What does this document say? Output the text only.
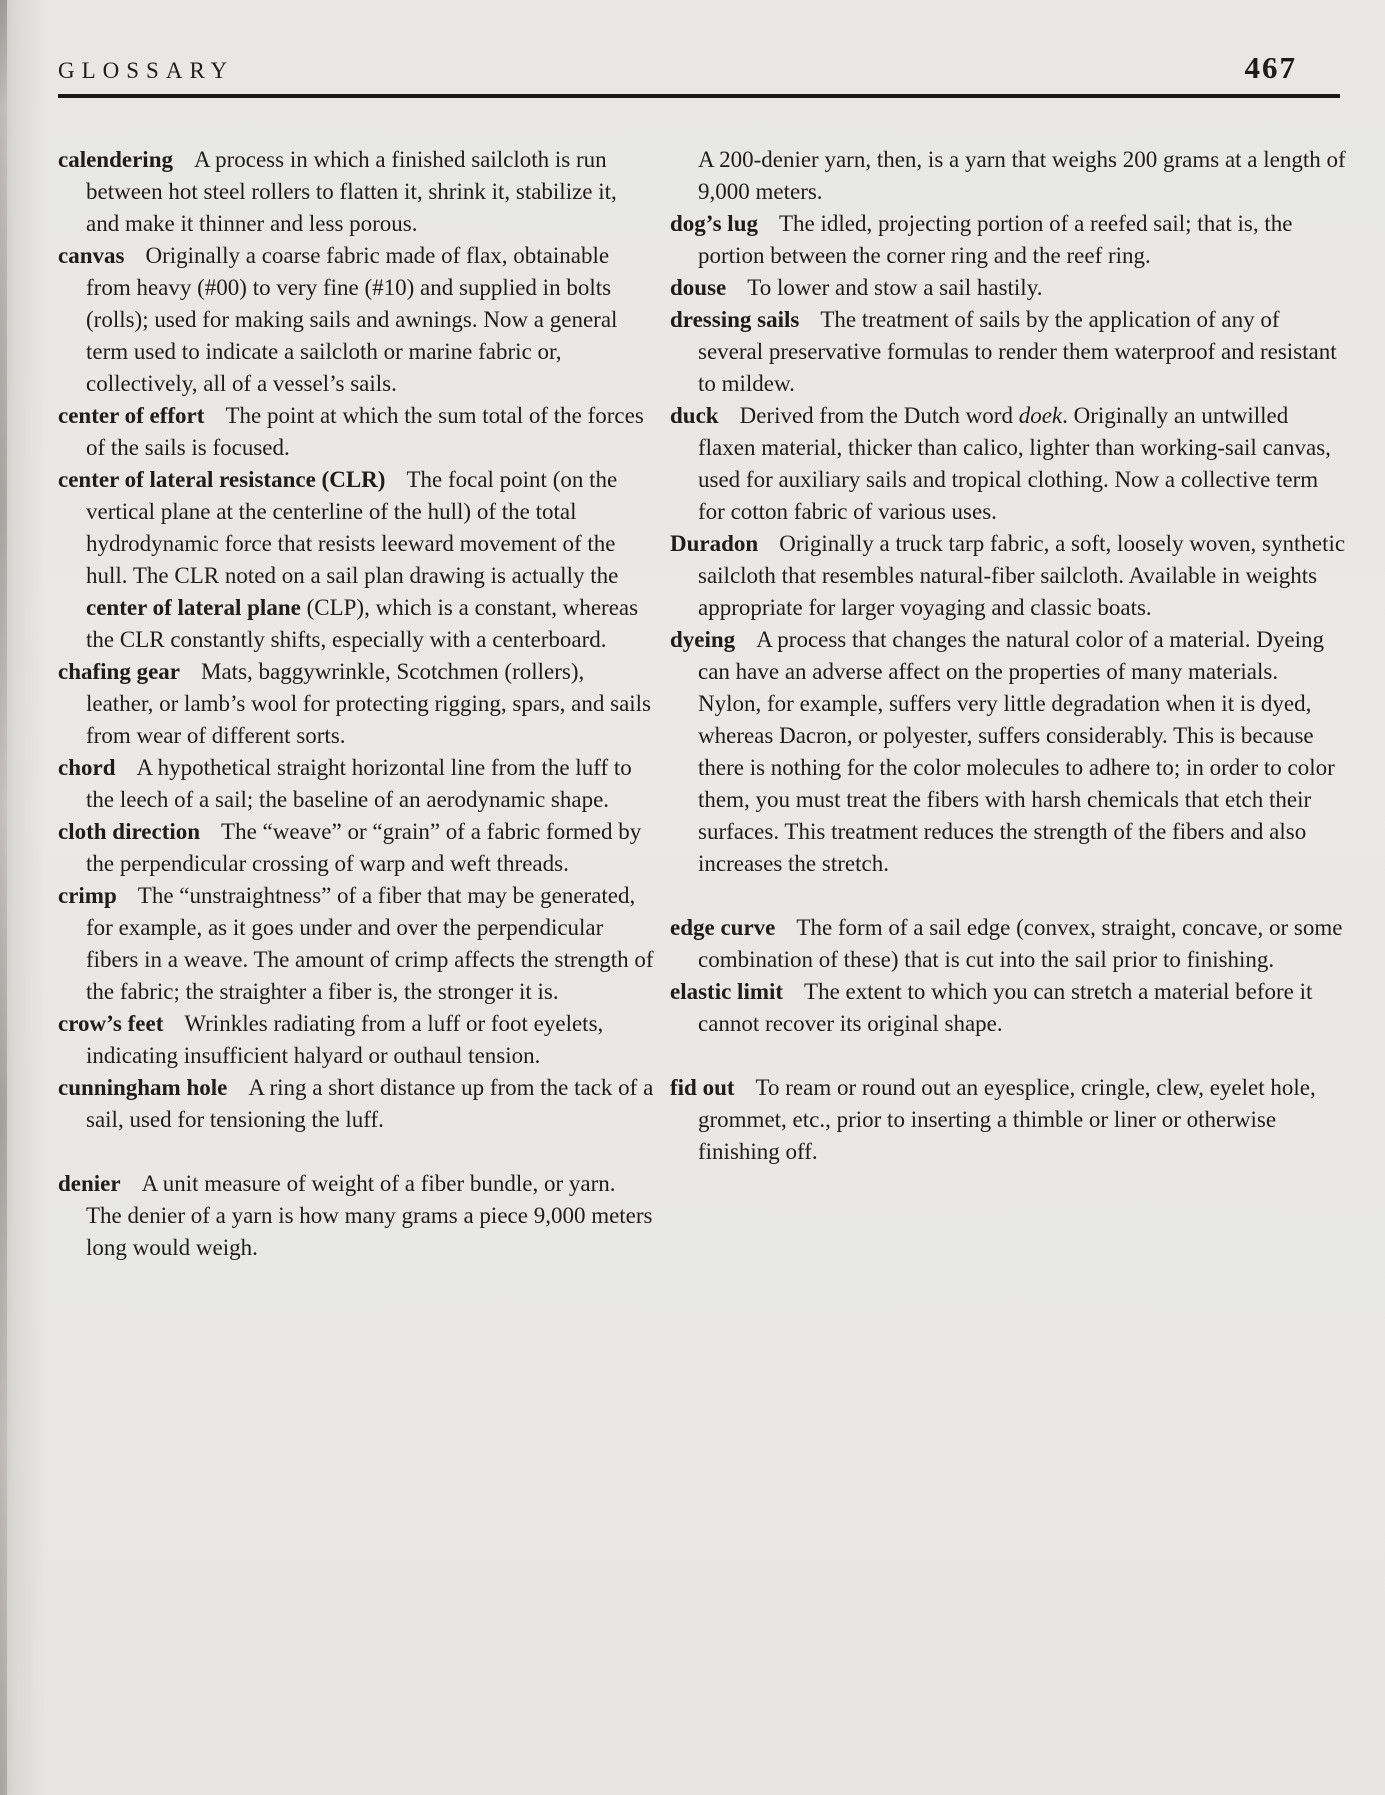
GLOSSARY	467

calendering A process in which a finished sailcloth is run between hot steel rollers to flatten it, shrink it, stabilize it, and make it thinner and less porous.

canvas Originally a coarse fabric made of flax, obtainable from heavy (#00) to very fine (#10) and supplied in bolts (rolls); used for making sails and awnings. Now a general term used to indicate a sailcloth or marine fabric or, collectively, all of a vessel’s sails.

center of effort The point at which the sum total of the forces of the sails is focused.

center of lateral resistance (CLR) The focal point (on the vertical plane at the centerline of the hull) of the total hydrodynamic force that resists leeward movement of the hull. The CLR noted on a sail plan drawing is actually the center of lateral plane (CLP), which is a constant, whereas the CLR constantly shifts, especially with a centerboard.

chafing gear Mats, baggywrinkle, Scotchmen (rollers), leather, or lamb’s wool for protecting rigging, spars, and sails from wear of different sorts.

chord A hypothetical straight horizontal line from the luff to the leech of a sail; the baseline of an aerodynamic shape.

cloth direction The “weave” or “grain” of a fabric formed by the perpendicular crossing of warp and weft threads.

crimp The “unstraightness” of a fiber that may be generated, for example, as it goes under and over the perpendicular fibers in a weave. The amount of crimp affects the strength of the fabric; the straighter a fiber is, the stronger it is.

crow’s feet Wrinkles radiating from a luff or foot eyelets, indicating insufficient halyard or outhaul tension.

cunningham hole A ring a short distance up from the tack of a sail, used for tensioning the luff.

denier A unit measure of weight of a fiber bundle, or yarn. The denier of a yarn is how many grams a piece 9,000 meters long would weigh.

A 200-denier yarn, then, is a yarn that weighs 200 grams at a length of 9,000 meters.

dog’s lug The idled, projecting portion of a reefed sail; that is, the portion between the corner ring and the reef ring.

douse To lower and stow a sail hastily.

dressing sails The treatment of sails by the application of any of several preservative formulas to render them waterproof and resistant to mildew.

duck Derived from the Dutch word doek. Originally an untwilled flaxen material, thicker than calico, lighter than working-sail canvas, used for auxiliary sails and tropical clothing. Now a collective term for cotton fabric of various uses.

Duradon Originally a truck tarp fabric, a soft, loosely woven, synthetic sailcloth that resembles natural-fiber sailcloth. Available in weights appropriate for larger voyaging and classic boats.

dyeing A process that changes the natural color of a material. Dyeing can have an adverse affect on the properties of many materials. Nylon, for example, suffers very little degradation when it is dyed, whereas Dacron, or polyester, suffers considerably. This is because there is nothing for the color molecules to adhere to; in order to color them, you must treat the fibers with harsh chemicals that etch their surfaces. This treatment reduces the strength of the fibers and also increases the stretch.

edge curve The form of a sail edge (convex, straight, concave, or some combination of these) that is cut into the sail prior to finishing.

elastic limit The extent to which you can stretch a material before it cannot recover its original shape.

fid out To ream or round out an eyesplice, cringle, clew, eyelet hole, grommet, etc., prior to inserting a thimble or liner or otherwise finishing off.
